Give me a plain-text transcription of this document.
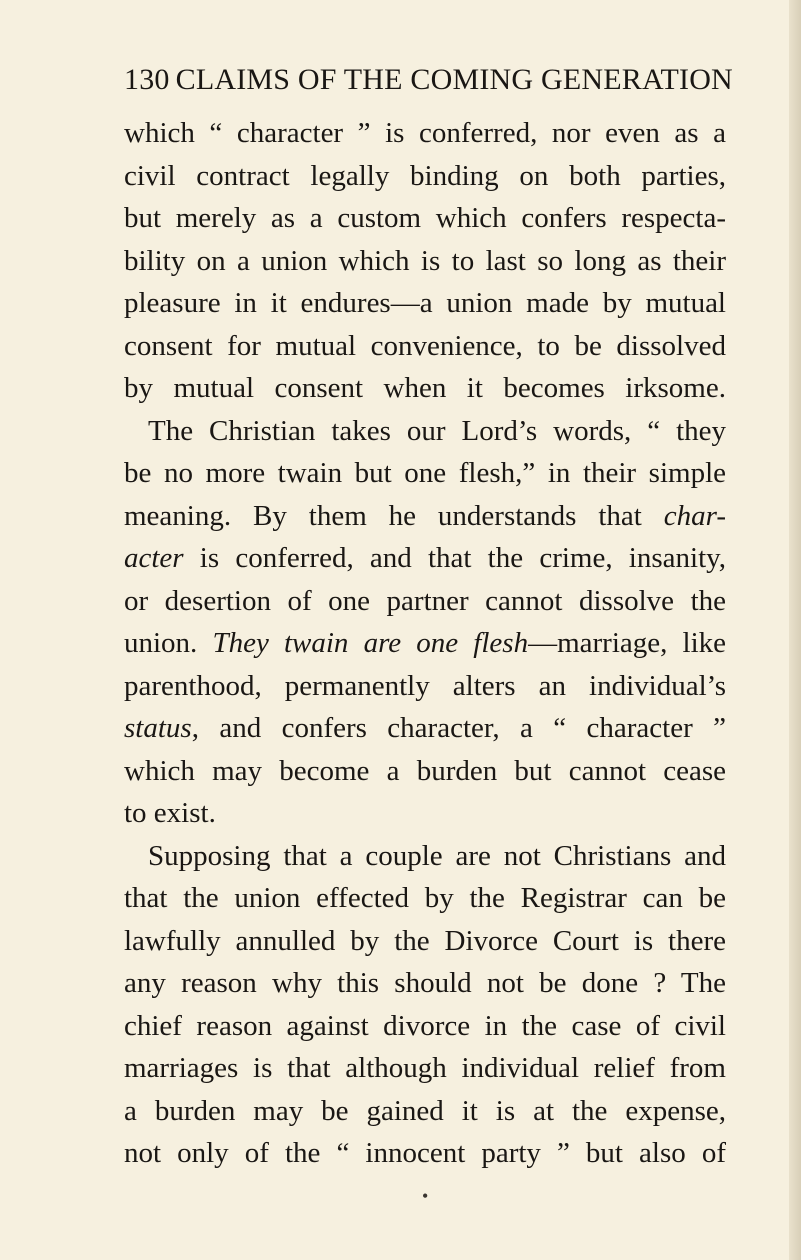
130 CLAIMS OF THE COMING GENERATION
which “ character ” is conferred, nor even as a
civil contract legally binding on both parties,
but merely as a custom which confers respecta-
bility on a union which is to last so long as their
pleasure in it endures—a union made by mutual
consent for mutual convenience, to be dissolved
by mutual consent when it becomes irksome.
The Christian takes our Lord’s words, “ they
be no more twain but one flesh,” in their simple
meaning. By them he understands that char-
acter is conferred, and that the crime, insanity,
or desertion of one partner cannot dissolve the
union. They twain are one flesh—marriage, like
parenthood, permanently alters an individual’s
status, and confers character, a “ character ”
which may become a burden but cannot cease
to exist.
Supposing that a couple are not Christians and
that the union effected by the Registrar can be
lawfully annulled by the Divorce Court is there
any reason why this should not be done ? The
chief reason against divorce in the case of civil
marriages is that although individual relief from
a burden may be gained it is at the expense,
not only of the “ innocent party ” but also of
•
